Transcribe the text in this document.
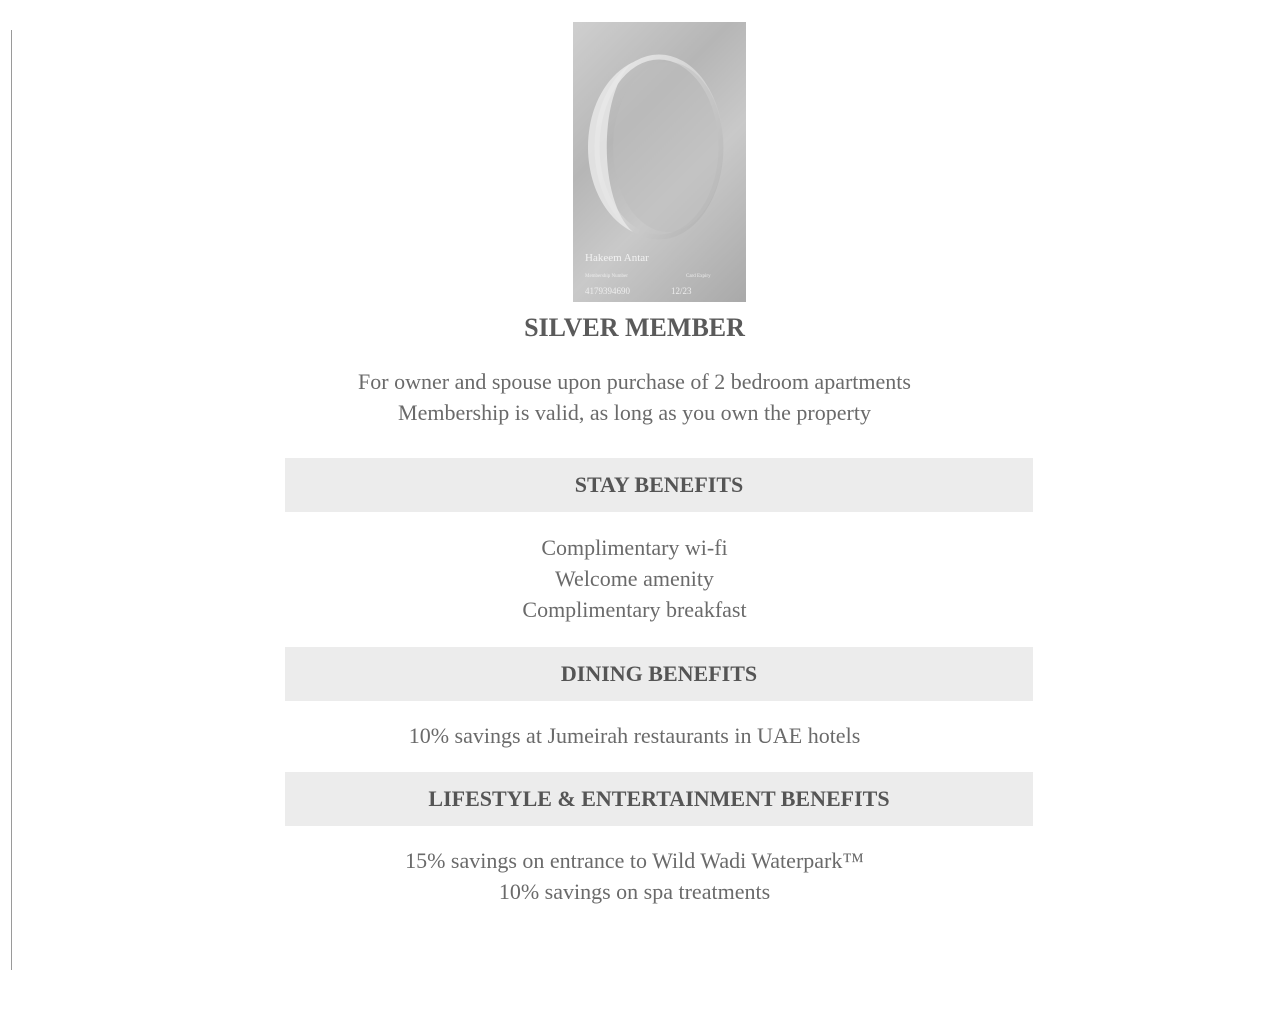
Hakeem Antar
Membership Number	Card Expiry
4179394690	12/23
SILVER MEMBER
For owner and spouse upon purchase of 2 bedroom apartments
Membership is valid, as long as you own the property
STAY BENEFITS
Complimentary wi-fi
Welcome amenity
Complimentary breakfast
DINING BENEFITS
10% savings at Jumeirah restaurants in UAE hotels
LIFESTYLE & ENTERTAINMENT BENEFITS
15% savings on entrance to Wild Wadi Waterpark™
10% savings on spa treatments
